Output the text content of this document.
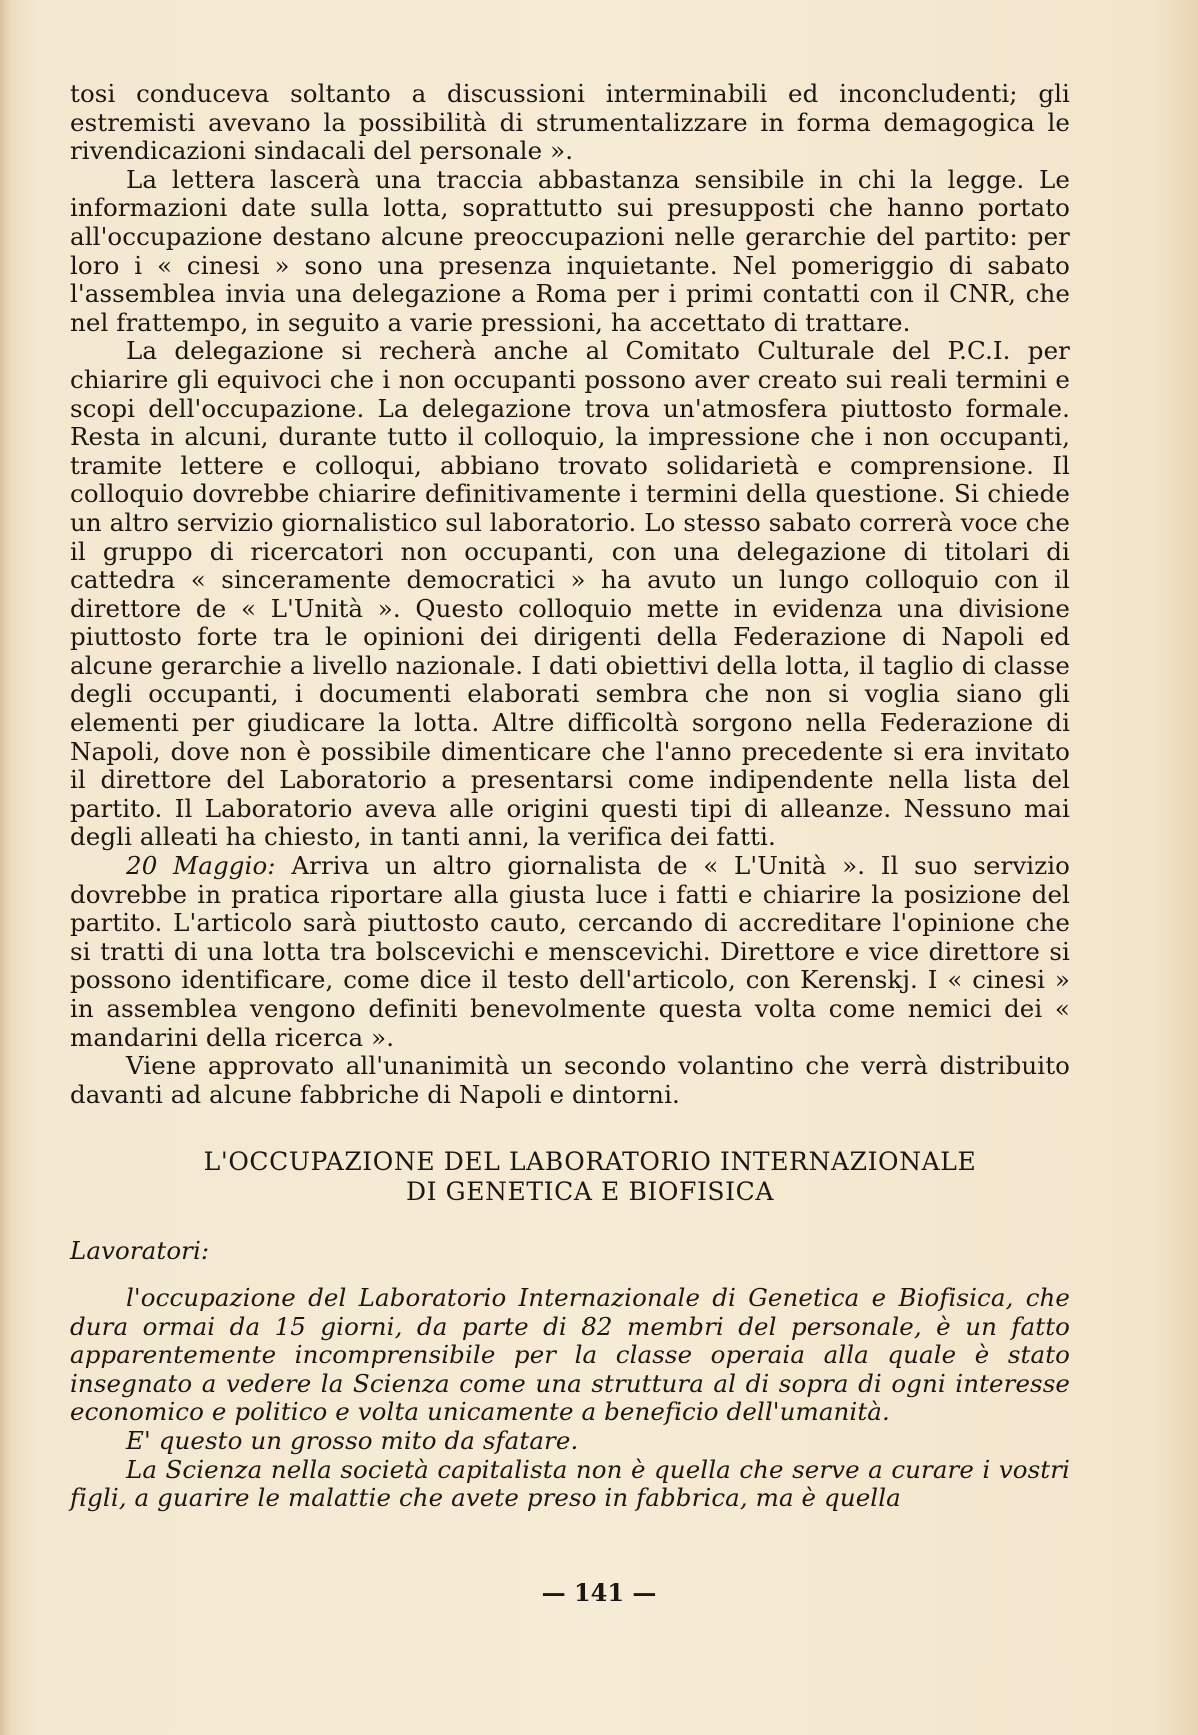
tosi conduceva soltanto a discussioni interminabili ed inconcludenti; gli estremisti avevano la possibilità di strumentalizzare in forma demagogica le rivendicazioni sindacali del personale ».

La lettera lascerà una traccia abbastanza sensibile in chi la legge. Le informazioni date sulla lotta, soprattutto sui presupposti che hanno portato all'occupazione destano alcune preoccupazioni nelle gerarchie del partito: per loro i « cinesi » sono una presenza inquietante. Nel pomeriggio di sabato l'assemblea invia una delegazione a Roma per i primi contatti con il CNR, che nel frattempo, in seguito a varie pressioni, ha accettato di trattare.

La delegazione si recherà anche al Comitato Culturale del P.C.I. per chiarire gli equivoci che i non occupanti possono aver creato sui reali termini e scopi dell'occupazione. La delegazione trova un'atmosfera piuttosto formale. Resta in alcuni, durante tutto il colloquio, la impressione che i non occupanti, tramite lettere e colloqui, abbiano trovato solidarietà e comprensione. Il colloquio dovrebbe chiarire definitivamente i termini della questione. Si chiede un altro servizio giornalistico sul laboratorio. Lo stesso sabato correrà voce che il gruppo di ricercatori non occupanti, con una delegazione di titolari di cattedra « sinceramente democratici » ha avuto un lungo colloquio con il direttore de « L'Unità ». Questo colloquio mette in evidenza una divisione piuttosto forte tra le opinioni dei dirigenti della Federazione di Napoli ed alcune gerarchie a livello nazionale. I dati obiettivi della lotta, il taglio di classe degli occupanti, i documenti elaborati sembra che non si voglia siano gli elementi per giudicare la lotta. Altre difficoltà sorgono nella Federazione di Napoli, dove non è possibile dimenticare che l'anno precedente si era invitato il direttore del Laboratorio a presentarsi come indipendente nella lista del partito. Il Laboratorio aveva alle origini questi tipi di alleanze. Nessuno mai degli alleati ha chiesto, in tanti anni, la verifica dei fatti.

20 Maggio: Arriva un altro giornalista de « L'Unità ». Il suo servizio dovrebbe in pratica riportare alla giusta luce i fatti e chiarire la posizione del partito. L'articolo sarà piuttosto cauto, cercando di accreditare l'opinione che si tratti di una lotta tra bolscevichi e menscevichi. Direttore e vice direttore si possono identificare, come dice il testo dell'articolo, con Kerenskj. I « cinesi » in assemblea vengono definiti benevolmente questa volta come nemici dei « mandarini della ricerca ».

Viene approvato all'unanimità un secondo volantino che verrà distribuito davanti ad alcune fabbriche di Napoli e dintorni.

L'OCCUPAZIONE DEL LABORATORIO INTERNAZIONALE
DI GENETICA E BIOFISICA
Lavoratori:

l'occupazione del Laboratorio Internazionale di Genetica e Biofisica, che dura ormai da 15 giorni, da parte di 82 membri del personale, è un fatto apparentemente incomprensibile per la classe operaia alla quale è stato insegnato a vedere la Scienza come una struttura al di sopra di ogni interesse economico e politico e volta unicamente a beneficio dell'umanità.

E' questo un grosso mito da sfatare.

La Scienza nella società capitalista non è quella che serve a curare i vostri figli, a guarire le malattie che avete preso in fabbrica, ma è quella

— 141 —
